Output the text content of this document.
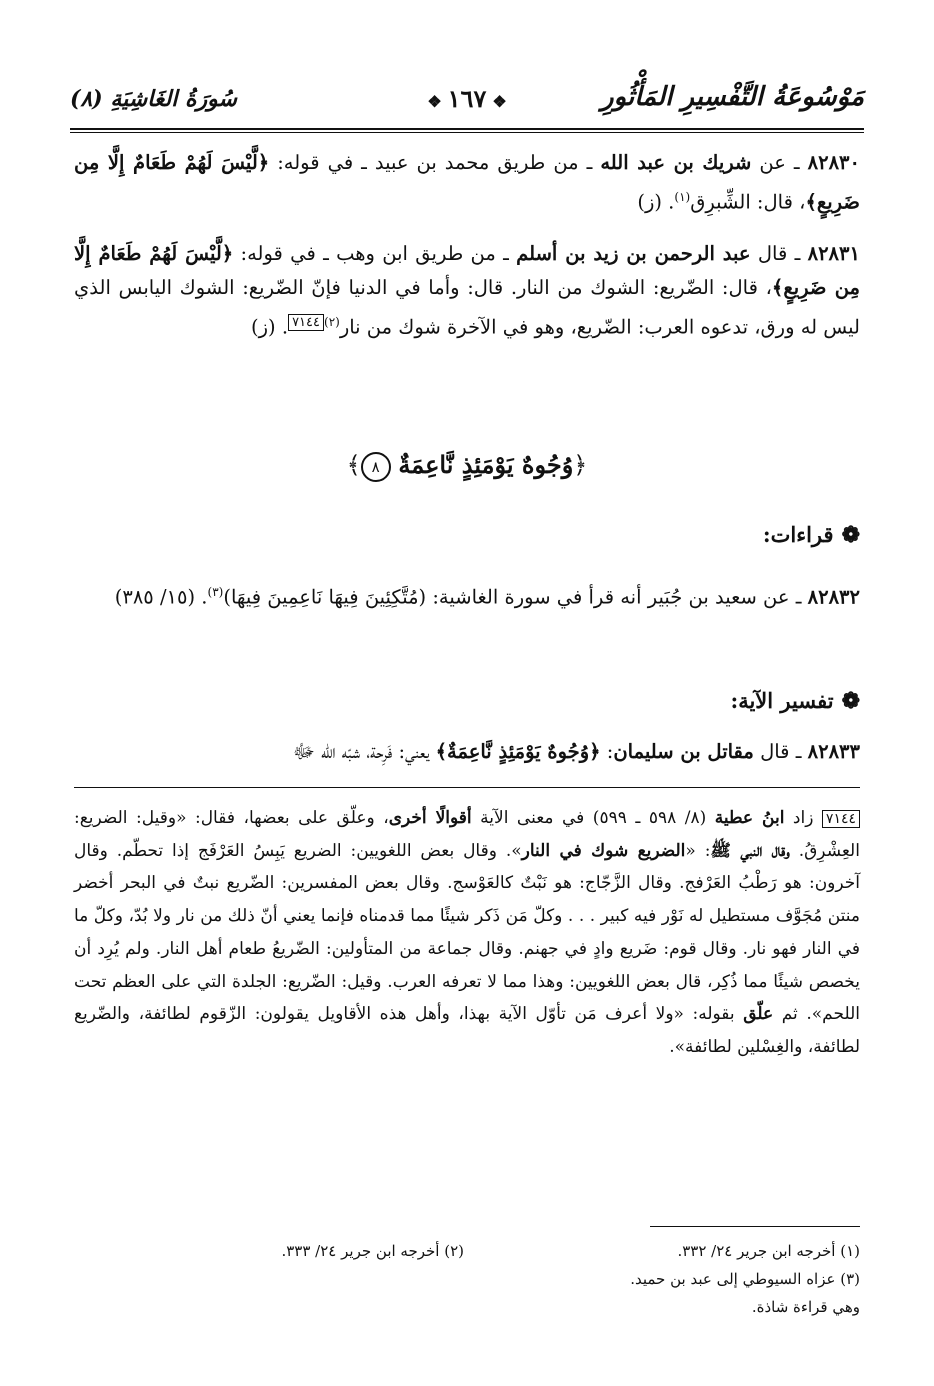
مَوْسُوعَةُ التَّفْسِيرِ المَأْثُورِ
❖١٦٧❖
سُورَةُ الغَاشِيَةِ (٨)
٨٢٨٣٠ ـ عن شريك بن عبد الله ـ من طريق محمد بن عبيد ـ في قوله: ﴿لَّيْسَ لَهُمْ طَعَامٌ إِلَّا مِن ضَرِيعٍ﴾، قال: الشِّبرِق$^{(١)}$. (ز)
٨٢٨٣١ ـ قال عبد الرحمن بن زيد بن أسلم ـ من طريق ابن وهب ـ في قوله: ﴿لَّيْسَ لَهُمْ طَعَامٌ إِلَّا مِن ضَرِيعٍ﴾، قال: الضّريع: الشوك من النار. قال: وأما في الدنيا فإنّ الضّريع: الشوك اليابس الذي ليس له ورق، تدعوه العرب: الضّريع، وهو في الآخرة شوك من نار$^{(٢)}$٧١٤٤. (ز)
﴿وُجُوهٌ يَوْمَئِذٍ نَّاعِمَةٌ ٨﴾
❁قراءات:
٨٢٨٣٢ ـ عن سعيد بن جُبَير أنه قرأ في سورة الغاشية: (مُتَّكِئِينَ فِيهَا نَاعِمِينَ فِيهَا)$^{(٣)}$. (١٥/ ٣٨٥)
❁تفسير الآية:
٨٢٨٣٣ ـ قال مقاتل بن سليمان: ﴿وُجُوهٌ يَوْمَئِذٍ نَّاعِمَةٌ﴾ يعني: فَرِحة، شبّه الله ﷻ
٧١٤٤ زاد ابنُ عطية (٨/ ٥٩٨ ـ ٥٩٩) في معنى الآية أقوالًا أخرى، وعلّق على بعضها، فقال: «وقيل: الضريع: العِشْرِقُ. وقال النبي ﷺ: «الضريع شوك في النار». وقال بعض اللغويين: الضريع يَبِسُ العَرْفَج إذا تحطّم. وقال آخرون: هو رَطْبُ العَرْفج. وقال الزَّجّاج: هو نَبْتٌ كالعَوْسج. وقال بعض المفسرين: الضّريع نبتٌ في البحر أخضر منتن مُجَوَّف مستطيل له نَوْر فيه كبير . . . وكلّ مَن ذَكر شيئًا مما قدمناه فإنما يعني أنّ ذلك من نار ولا بُدّ، وكلّ ما في النار فهو نار. وقال قوم: ضَريع وادٍ في جهنم. وقال جماعة من المتأولين: الضّريعُ طعام أهل النار. ولم يُرِد أن يخصص شيئًا مما ذُكِر، قال بعض اللغويين: وهذا مما لا تعرفه العرب. وقيل: الضّريع: الجلدة التي على العظم تحت اللحم». ثم علّق بقوله: «ولا أعرف مَن تأوّل الآية بهذا، وأهل هذه الأقاويل يقولون: الزّقوم لطائفة، والضّريع لطائفة، والغِسْلين لطائفة».
(١) أخرجه ابن جرير ٢٤/ ٣٣٢.
(٢) أخرجه ابن جرير ٢٤/ ٣٣٣.
(٣) عزاه السيوطي إلى عبد بن حميد.
وهي قراءة شاذة.
